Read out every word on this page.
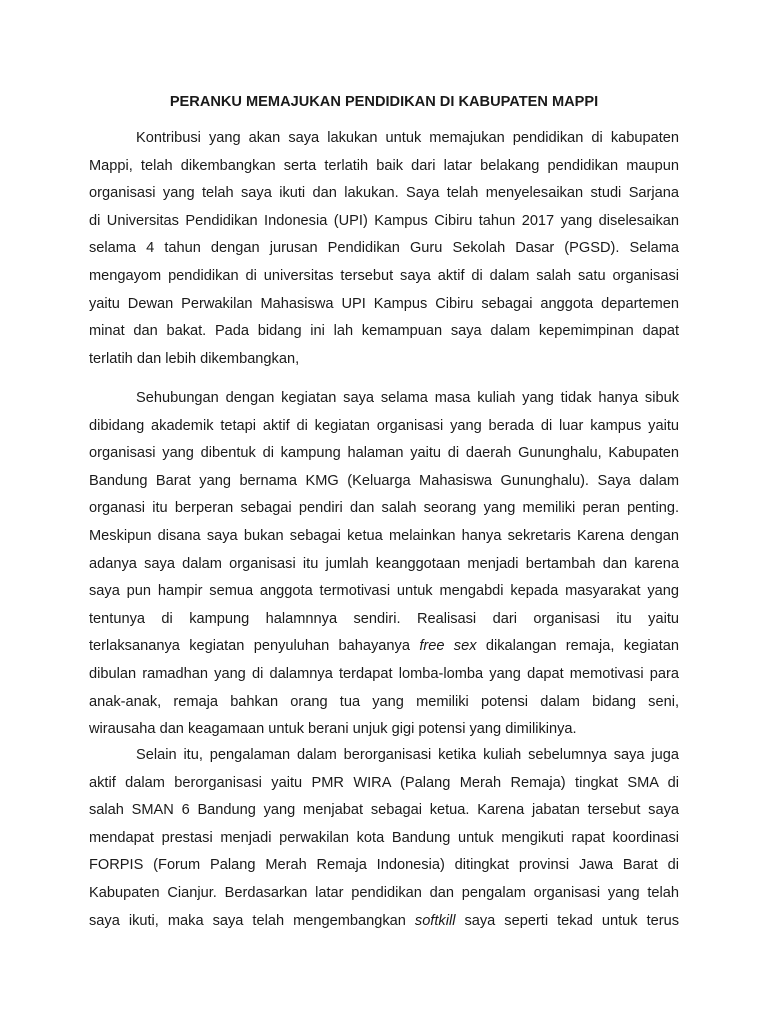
PERANKU MEMAJUKAN PENDIDIKAN DI KABUPATEN MAPPI
Kontribusi yang akan saya lakukan untuk memajukan pendidikan di kabupaten
Mappi, telah dikembangkan serta terlatih baik dari latar belakang pendidikan maupun
organisasi yang telah saya ikuti dan lakukan. Saya telah menyelesaikan studi Sarjana
di Universitas Pendidikan Indonesia (UPI) Kampus Cibiru tahun 2017 yang diselesaikan
selama 4 tahun dengan jurusan Pendidikan Guru Sekolah Dasar (PGSD). Selama
mengayom pendidikan di universitas tersebut saya aktif di dalam salah satu organisasi
yaitu Dewan Perwakilan Mahasiswa UPI Kampus Cibiru sebagai anggota departemen
minat dan bakat. Pada bidang ini lah kemampuan saya dalam kepemimpinan dapat
terlatih dan lebih dikembangkan,
Sehubungan dengan kegiatan saya selama masa kuliah yang tidak hanya sibuk
dibidang akademik tetapi aktif di kegiatan organisasi yang berada di luar kampus yaitu
organisasi yang dibentuk di kampung halaman yaitu di daerah Gununghalu, Kabupaten
Bandung Barat yang bernama KMG (Keluarga Mahasiswa Gununghalu). Saya dalam
organasi itu berperan sebagai pendiri dan salah seorang yang memiliki peran penting.
Meskipun disana saya bukan sebagai ketua melainkan hanya sekretaris Karena dengan
adanya saya dalam organisasi itu jumlah keanggotaan menjadi bertambah dan karena
saya pun hampir semua anggota termotivasi untuk mengabdi kepada masyarakat yang
tentunya di kampung halamnnya sendiri. Realisasi dari organisasi itu yaitu
terlaksananya kegiatan penyuluhan bahayanya free sex dikalangan remaja, kegiatan
dibulan ramadhan yang di dalamnya terdapat lomba-lomba yang dapat memotivasi para
anak-anak, remaja bahkan orang tua yang memiliki potensi dalam bidang seni,
wirausaha dan keagamaan untuk berani unjuk gigi potensi yang dimilikinya.
Selain itu, pengalaman dalam berorganisasi ketika kuliah sebelumnya saya juga
aktif dalam berorganisasi yaitu PMR WIRA (Palang Merah Remaja) tingkat SMA di
salah SMAN 6 Bandung yang menjabat sebagai ketua. Karena jabatan tersebut saya
mendapat prestasi menjadi perwakilan kota Bandung untuk mengikuti rapat koordinasi
FORPIS (Forum Palang Merah Remaja Indonesia) ditingkat provinsi Jawa Barat di
Kabupaten Cianjur. Berdasarkan latar pendidikan dan pengalam organisasi yang telah
saya ikuti, maka saya telah mengembangkan softkill saya seperti tekad untuk terus
